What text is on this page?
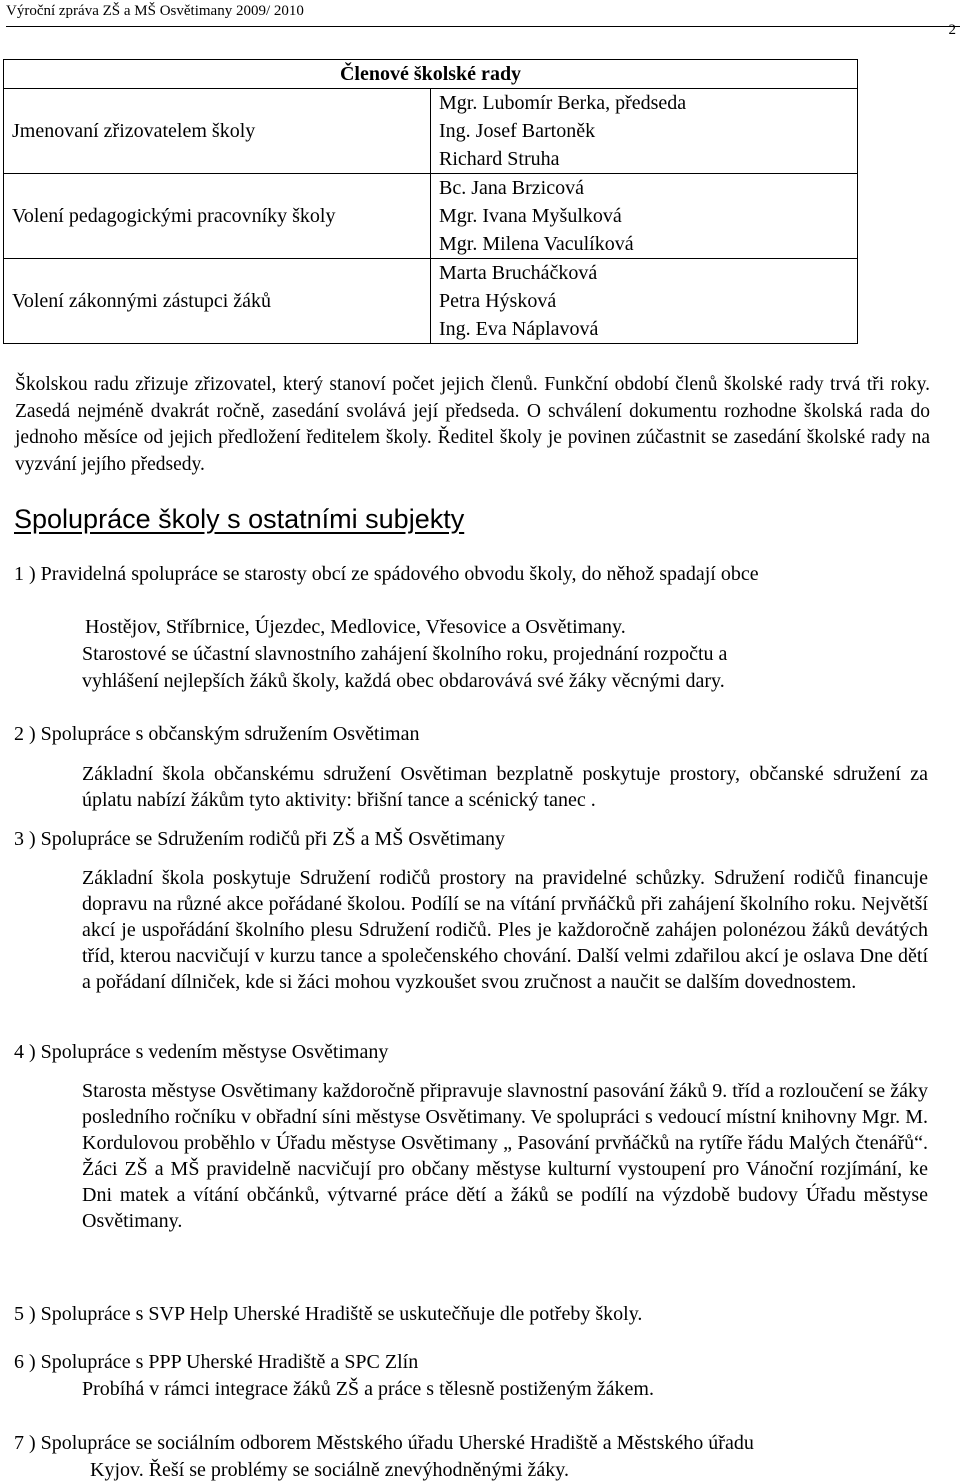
Výroční zpráva ZŠ a MŠ Osvětimany 2009/ 2010
2
Členové školské rady	
Jmenovaní zřizovatelem školy	Mgr. Lubomír Berka, předseda
Ing. Josef Bartoněk
Richard Struha

Volení pedagogickými pracovníky školy	Bc. Jana Brzicová
Mgr. Ivana Myšulková
Mgr. Milena Vaculíková

Volení zákonnými zástupci žáků	Marta Brucháčková
Petra Hýsková
Ing. Eva Náplavová
Školskou radu zřizuje zřizovatel, který stanoví počet jejich členů. Funkční období členů školské rady trvá tři roky. Zasedá nejméně dvakrát ročně, zasedání svolává její předseda. O schválení dokumentu rozhodne školská rada do jednoho měsíce od jejich předložení ředitelem školy. Ředitel školy je povinen zúčastnit se zasedání školské rady na vyzvání jejího předsedy.
Spolupráce školy s ostatními subjekty
1 ) Pravidelná spolupráce se starosty obcí ze spádového obvodu školy, do něhož spadají obce
Hostějov, Stříbrnice, Újezdec, Medlovice, Vřesovice a Osvětimany.
Starostové se účastní slavnostního zahájení školního roku, projednání rozpočtu a
vyhlášení nejlepších žáků školy, každá obec obdarovává své žáky věcnými dary.
2 ) Spolupráce s občanským sdružením Osvětiman
Základní škola občanskému sdružení Osvětiman bezplatně poskytuje prostory, občanské sdružení za úplatu nabízí žákům tyto aktivity: břišní tance a scénický tanec .
3 ) Spolupráce se Sdružením rodičů při ZŠ a MŠ Osvětimany
Základní škola poskytuje Sdružení rodičů prostory na pravidelné schůzky. Sdružení rodičů financuje dopravu na různé akce pořádané školou. Podílí se na vítání prvňáčků při zahájení školního roku. Největší akcí je uspořádání školního plesu Sdružení rodičů. Ples je každoročně zahájen polonézou žáků devátých tříd, kterou nacvičují v kurzu tance a společenského chování. Další velmi zdařilou akcí je oslava Dne dětí a pořádaní dílniček, kde si žáci mohou vyzkoušet svou zručnost a naučit se dalším dovednostem.
4 ) Spolupráce s vedením městyse Osvětimany
Starosta městyse Osvětimany každoročně připravuje slavnostní pasování žáků 9. tříd a rozloučení se žáky posledního ročníku v obřadní síni městyse Osvětimany. Ve spolupráci s vedoucí místní knihovny Mgr. M. Kordulovou proběhlo v Úřadu městyse Osvětimany „ Pasování prvňáčků na rytíře řádu Malých čtenářů“. Žáci ZŠ a MŠ pravidelně nacvičují pro občany městyse kulturní vystoupení pro Vánoční rozjímání, ke Dni matek a vítání občánků, výtvarné práce dětí a žáků se podílí na výzdobě budovy Úřadu městyse Osvětimany.
5 ) Spolupráce s SVP Help Uherské Hradiště se uskutečňuje dle potřeby školy.
6 ) Spolupráce s PPP Uherské Hradiště a SPC Zlín
Probíhá v rámci integrace žáků ZŠ a práce s tělesně postiženým žákem.
7 ) Spolupráce se sociálním odborem Městského úřadu Uherské Hradiště a Městského úřadu
Kyjov. Řeší se problémy se sociálně znevýhodněnými žáky.
